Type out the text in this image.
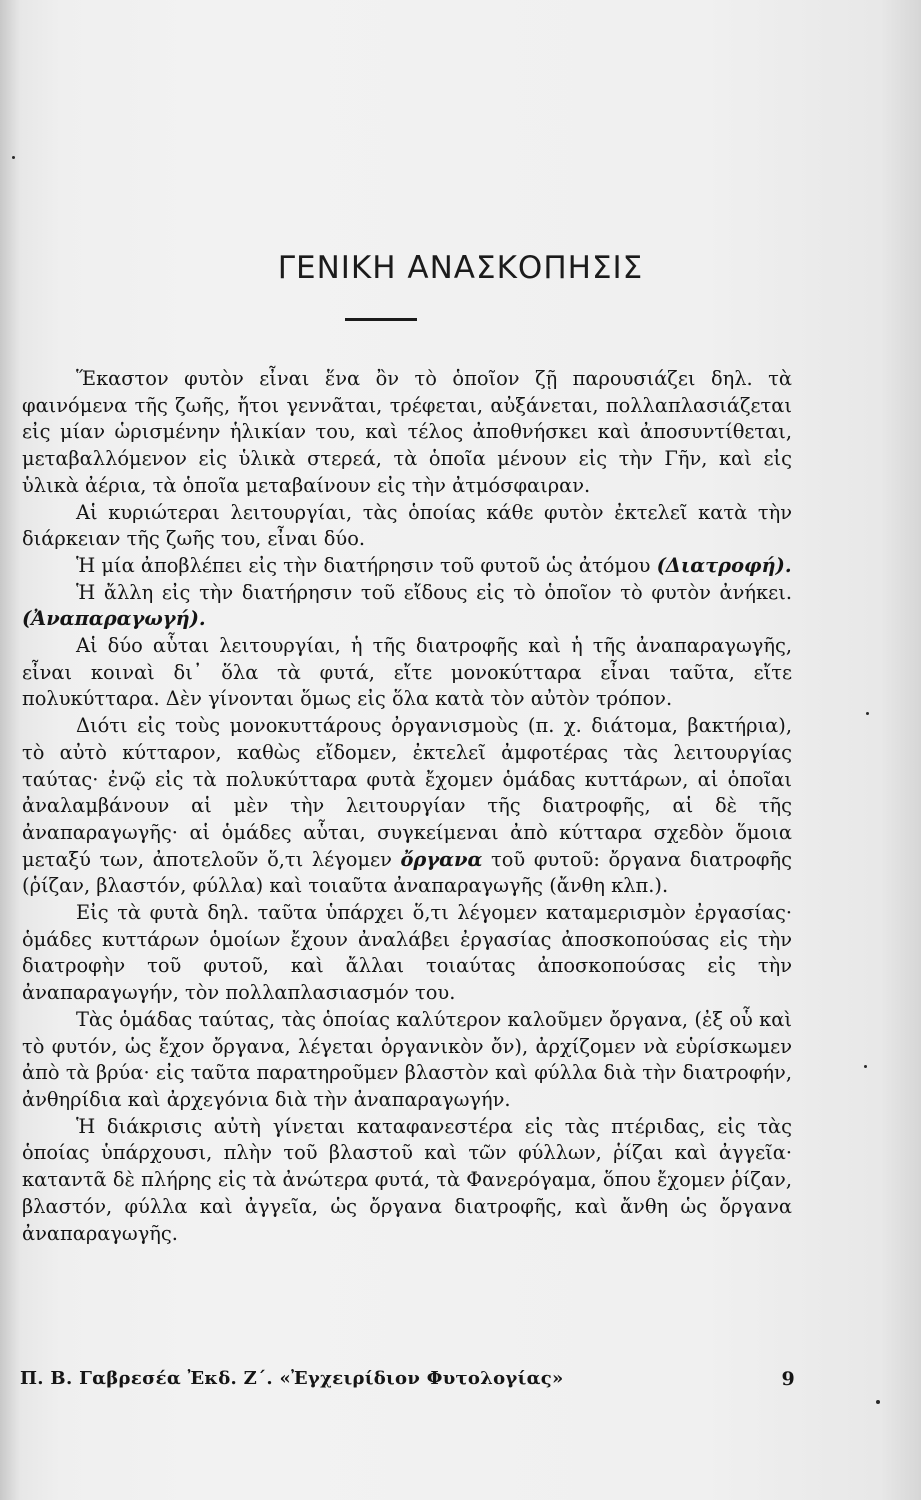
ΓΕΝΙΚΗ ΑΝΑΣΚΟΠΗΣΙΣ

Ἕκαστον φυτὸν εἶναι ἕνα ὂν τὸ ὁποῖον ζῇ παρουσιάζει δηλ. τὰ φαινόμενα τῆς ζωῆς, ἤτοι γεννᾶται, τρέφεται, αὐξάνεται, πολλαπλασιάζεται εἰς μίαν ὡρισμένην ἡλικίαν του, καὶ τέλος ἀποθνήσκει καὶ ἀποσυντίθεται, μεταβαλλόμενον εἰς ὑλικὰ στερεά, τὰ ὁποῖα μένουν εἰς τὴν Γῆν, καὶ εἰς ὑλικὰ ἀέρια, τὰ ὁποῖα μεταβαίνουν εἰς τὴν ἀτμόσφαιραν.

Αἱ κυριώτεραι λειτουργίαι, τὰς ὁποίας κάθε φυτὸν ἐκτελεῖ κατὰ τὴν διάρκειαν τῆς ζωῆς του, εἶναι δύο.

Ἡ μία ἀποβλέπει εἰς τὴν διατήρησιν τοῦ φυτοῦ ὡς ἀτόμου (Διατροφή).

Ἡ ἄλλη εἰς τὴν διατήρησιν τοῦ εἴδους εἰς τὸ ὁποῖον τὸ φυτὸν ἀνήκει. (Ἀναπαραγωγή).

Αἱ δύο αὗται λειτουργίαι, ἡ τῆς διατροφῆς καὶ ἡ τῆς ἀναπαραγωγῆς, εἶναι κοιναὶ δι᾽ ὅλα τὰ φυτά, εἴτε μονοκύτταρα εἶναι ταῦτα, εἴτε πολυκύτταρα. Δὲν γίνονται ὅμως εἰς ὅλα κατὰ τὸν αὐτὸν τρόπον.

Διότι εἰς τοὺς μονοκυττάρους ὀργανισμοὺς (π. χ. διάτομα, βακτήρια), τὸ αὐτὸ κύτταρον, καθὼς εἴδομεν, ἐκτελεῖ ἀμφοτέρας τὰς λειτουργίας ταύτας· ἐνῷ εἰς τὰ πολυκύτταρα φυτὰ ἔχομεν ὁμάδας κυττάρων, αἱ ὁποῖαι ἀναλαμβάνουν αἱ μὲν τὴν λειτουργίαν τῆς διατροφῆς, αἱ δὲ τῆς ἀναπαραγωγῆς· αἱ ὁμάδες αὗται, συγκείμεναι ἀπὸ κύτταρα σχεδὸν ὅμοια μεταξύ των, ἀποτελοῦν ὅ,τι λέγομεν ὄργανα τοῦ φυτοῦ: ὄργανα διατροφῆς (ῥίζαν, βλαστόν, φύλλα) καὶ τοιαῦτα ἀναπαραγωγῆς (ἄνθη κλπ.).

Εἰς τὰ φυτὰ δηλ. ταῦτα ὑπάρχει ὅ,τι λέγομεν καταμερισμὸν ἐργασίας· ὁμάδες κυττάρων ὁμοίων ἔχουν ἀναλάβει ἐργασίας ἀποσκοπούσας εἰς τὴν διατροφὴν τοῦ φυτοῦ, καὶ ἄλλαι τοιαύτας ἀποσκοπούσας εἰς τὴν ἀναπαραγωγήν, τὸν πολλαπλασιασμόν του.

Τὰς ὁμάδας ταύτας, τὰς ὁποίας καλύτερον καλοῦμεν ὄργανα, (ἐξ οὗ καὶ τὸ φυτόν, ὡς ἔχον ὄργανα, λέγεται ὀργανικὸν ὄν), ἀρχίζομεν νὰ εὑρίσκωμεν ἀπὸ τὰ βρύα· εἰς ταῦτα παρατηροῦμεν βλαστὸν καὶ φύλλα διὰ τὴν διατροφήν, ἀνθηρίδια καὶ ἀρχεγόνια διὰ τὴν ἀναπαραγωγήν.

Ἡ διάκρισις αὐτὴ γίνεται καταφανεστέρα εἰς τὰς πτέριδας, εἰς τὰς ὁποίας ὑπάρχουσι, πλὴν τοῦ βλαστοῦ καὶ τῶν φύλλων, ῥίζαι καὶ ἀγγεῖα· καταντᾶ δὲ πλήρης εἰς τὰ ἀνώτερα φυτά, τὰ Φανερόγαμα, ὅπου ἔχομεν ῥίζαν, βλαστόν, φύλλα καὶ ἀγγεῖα, ὡς ὄργανα διατροφῆς, καὶ ἄνθη ὡς ὄργανα ἀναπαραγωγῆς.

Π. Β. Γαβρεσέα Ἐκδ. Ζ΄. «Ἐγχειρίδιον Φυτολογίας»	9
